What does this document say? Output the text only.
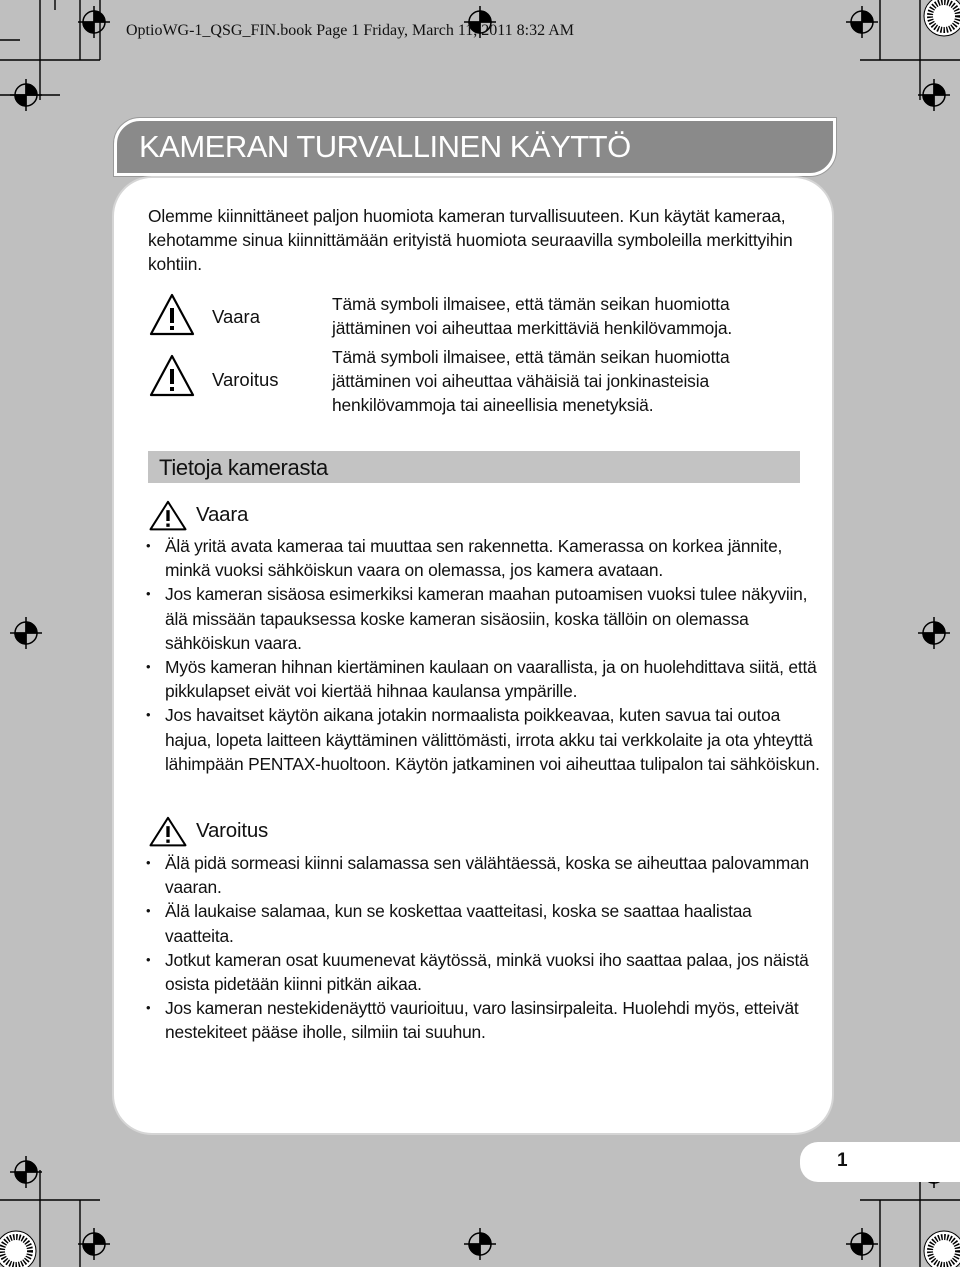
OptioWG-1_QSG_FIN.book Page 1 Friday, March 11, 2011 8:32 AM

KAMERAN TURVALLINEN KÄYTTÖ

Olemme kiinnittäneet paljon huomiota kameran turvallisuuteen. Kun käytät kameraa, kehotamme sinua kiinnittämään erityistä huomiota seuraavilla symboleilla merkittyihin kohtiin.

Vaara

Tämä symboli ilmaisee, että tämän seikan huomiotta jättäminen voi aiheuttaa merkittäviä henkilövammoja.

Varoitus

Tämä symboli ilmaisee, että tämän seikan huomiotta jättäminen voi aiheuttaa vähäisiä tai jonkinasteisia henkilövammoja tai aineellisia menetyksiä.

Tietoja kamerasta
Vaara
• Älä yritä avata kameraa tai muuttaa sen rakennetta. Kamerassa on korkea jännite, minkä vuoksi sähköiskun vaara on olemassa, jos kamera avataan.
• Jos kameran sisäosa esimerkiksi kameran maahan putoamisen vuoksi tulee näkyviin, älä missään tapauksessa koske kameran sisäosiin, koska tällöin on olemassa sähköiskun vaara.
• Myös kameran hihnan kiertäminen kaulaan on vaarallista, ja on huolehdittava siitä, että pikkulapset eivät voi kiertää hihnaa kaulansa ympärille.
• Jos havaitset käytön aikana jotakin normaalista poikkeavaa, kuten savua tai outoa hajua, lopeta laitteen käyttäminen välittömästi, irrota akku tai verkkolaite ja ota yhteyttä lähimpään PENTAX-huoltoon. Käytön jatkaminen voi aiheuttaa tulipalon tai sähköiskun.
Varoitus
• Älä pidä sormeasi kiinni salamassa sen välähtäessä, koska se aiheuttaa palovamman vaaran.
• Älä laukaise salamaa, kun se koskettaa vaatteitasi, koska se saattaa haalistaa vaatteita.
• Jotkut kameran osat kuumenevat käytössä, minkä vuoksi iho saattaa palaa, jos näistä osista pidetään kiinni pitkän aikaa.
• Jos kameran nestekidenäyttö vaurioituu, varo lasinsirpaleita. Huolehdi myös, etteivät nestekiteet pääse iholle, silmiin tai suuhun.
1
